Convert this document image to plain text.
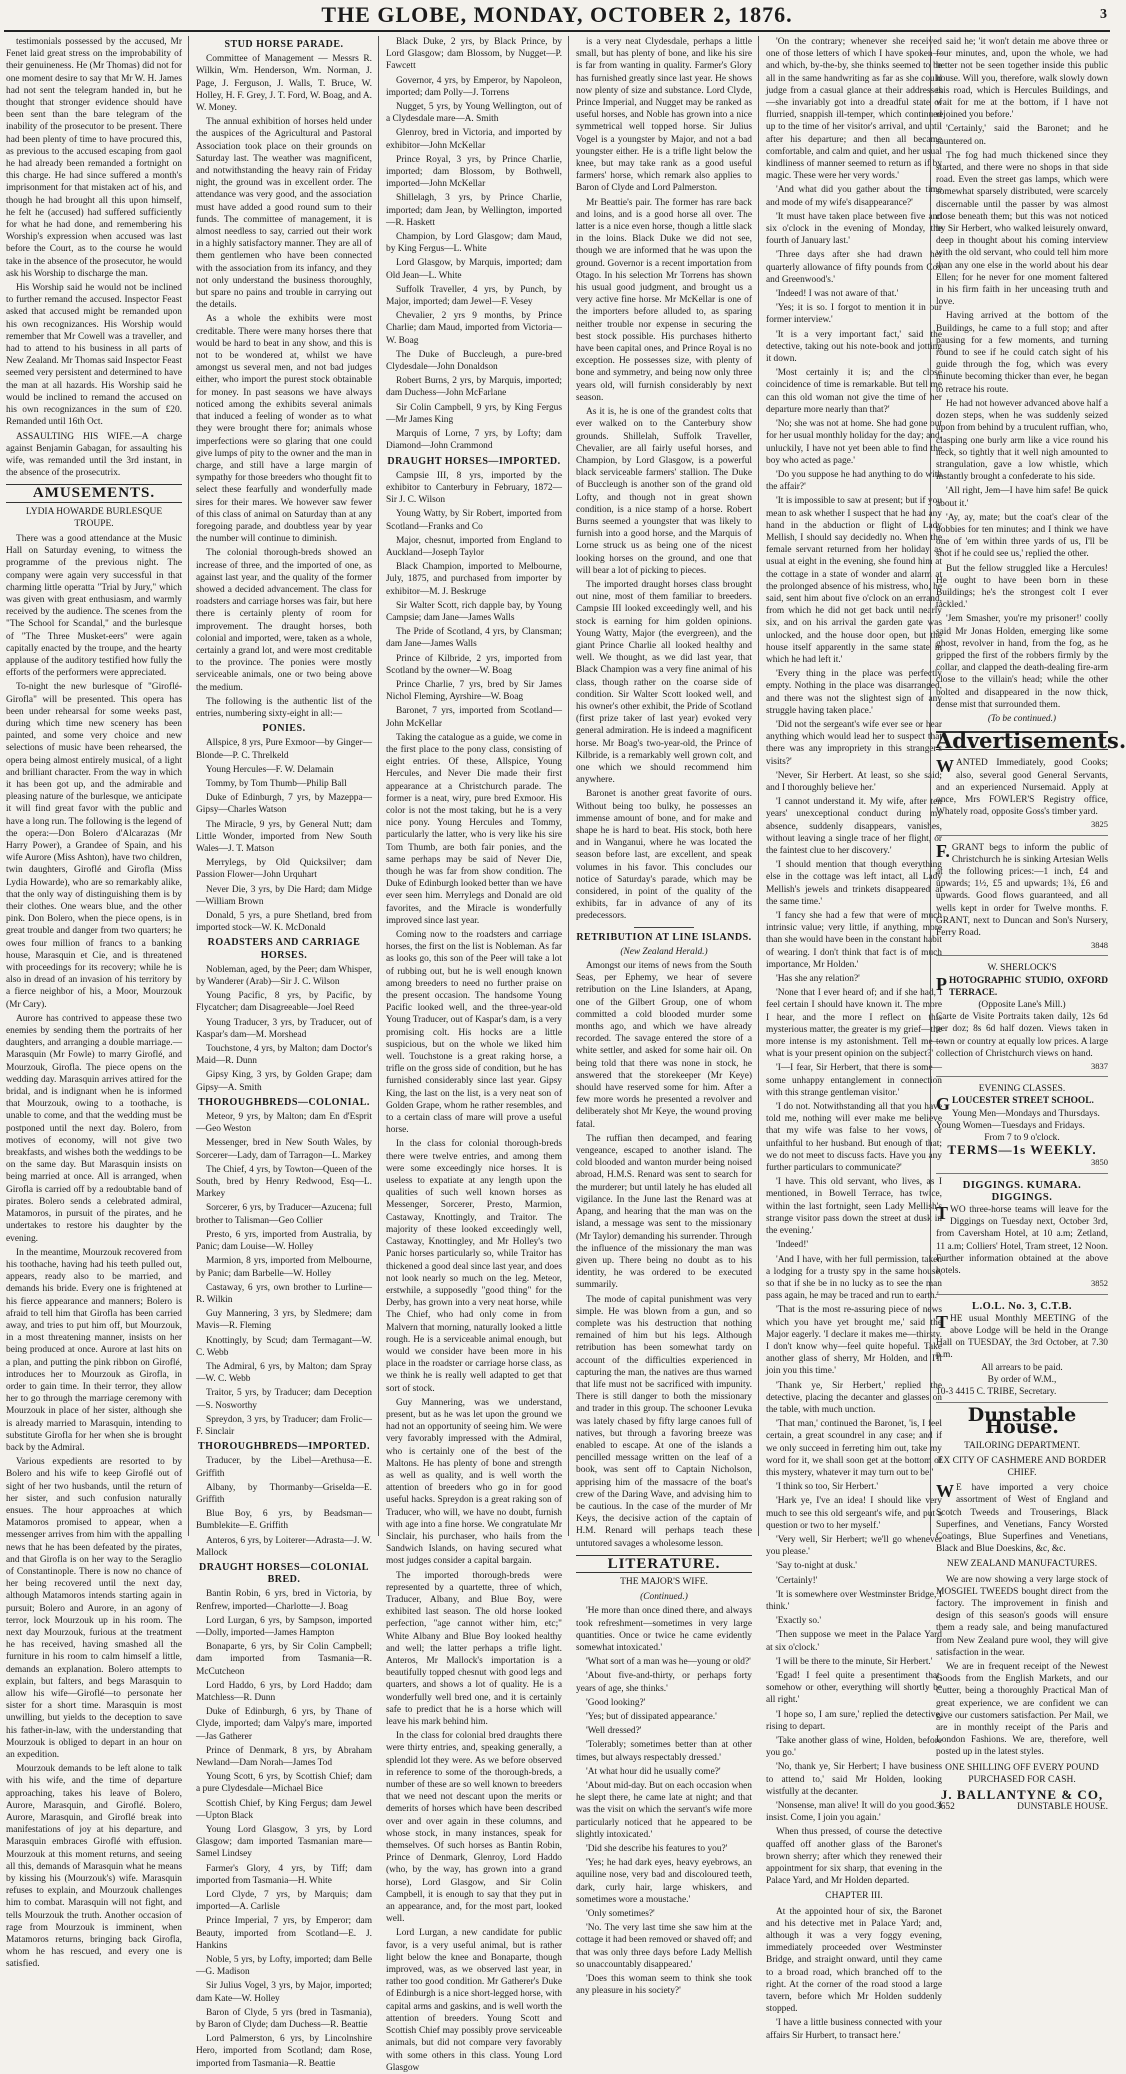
THE GLOBE, MONDAY, OCTOBER 2, 1876.	3

testimonials possessed by the accused, Mr Fenet laid great stress on the improbability of their genuineness. He (Mr Thomas) did not for one moment desire to say that Mr W. H. James had not sent the telegram handed in, but he thought that stronger evidence should have been sent than the bare telegram of the inability of the prosecutor to be present. There had been plenty of time to have procured this, as previous to the accused escaping from gaol he had already been remanded a fortnight on this charge. He had since suffered a month's imprisonment for that mistaken act of his, and though he had brought all this upon himself, he felt he (accused) had suffered sufficiently for what he had done, and remembering his Worship's expression when accused was last before the Court, as to the course he would take in the absence of the prosecutor, he would ask his Worship to discharge the man.

His Worship said he would not be inclined to further remand the accused. Inspector Feast asked that accused might be remanded upon his own recognizances. His Worship would remember that Mr Cowell was a traveller, and had to attend to his business in all parts of New Zealand. Mr Thomas said Inspector Feast seemed very persistent and determined to have the man at all hazards. His Worship said he would be inclined to remand the accused on his own recognizances in the sum of £20. Remanded until 16th Oct.

ASSAULTING HIS WIFE.—A charge against Benjamin Gabagan, for assaulting his wife, was remanded until the 3rd instant, in the absence of the prosecutrix.

AMUSEMENTS.
LYDIA HOWARDE BURLESQUE TROUPE.

There was a good attendance at the Music Hall on Saturday evening, to witness the programme of the previous night. The company were again very successful in that charming little operatta "Trial by Jury," which was given with great enthusiasm, and warmly received by the audience. The scenes from the "The School for Scandal," and the burlesque of "The Three Musket-eers" were again capitally enacted by the troupe, and the hearty applause of the auditory testified how fully the efforts of the performers were appreciated.

To-night the new burlesque of "Giroflé-Girofla" will be presented. This opera has been under rehearsal for some weeks past, during which time new scenery has been painted, and some very choice and new selections of music have been rehearsed, the opera being almost entirely musical, of a light and brilliant character. From the way in which it has been got up, and the admirable and pleasing nature of the burlesque, we anticipate it will find great favor with the public and have a long run. The following is the legend of the opera:—Don Bolero d'Alcarazas (Mr Harry Power), a Grandee of Spain, and his wife Aurore (Miss Ashton), have two children, twin daughters, Giroflé and Girofla (Miss Lydia Howarde), who are so remarkably alike, that the only way of distinguishing them is by their clothes. One wears blue, and the other pink. Don Bolero, when the piece opens, is in great trouble and danger from two quarters; he owes four million of francs to a banking house, Marasquin et Cie, and is threatened with proceedings for its recovery; while he is also in dread of an invasion of his territory by a fierce neighbor of his, a Moor, Mourzouk (Mr Cary).

Aurore has contrived to appease these two enemies by sending them the portraits of her daughters, and arranging a double marriage.—Marasquin (Mr Fowle) to marry Giroflé, and Mourzouk, Girofla. The piece opens on the wedding day. Marasquin arrives attired for the bridal, and is indignant when he is informed that Mourzouk, owing to a toothache, is unable to come, and that the wedding must be postponed until the next day. Bolero, from motives of economy, will not give two breakfasts, and wishes both the weddings to be on the same day. But Marasquin insists on being married at once. All is arranged, when Girofla is carried off by a redoubtable band of pirates. Bolero sends a celebrated admiral, Matamoros, in pursuit of the pirates, and he undertakes to restore his daughter by the evening.

In the meantime, Mourzouk recovered from his toothache, having had his teeth pulled out, appears, ready also to be married, and demands his bride. Every one is frightened at his fierce appearance and manners; Bolero is afraid to tell him that Girofla has been carried away, and tries to put him off, but Mourzouk, in a most threatening manner, insists on her being produced at once. Aurore at last hits on a plan, and putting the pink ribbon on Giroflé, introduces her to Mourzouk as Girofla, in order to gain time. In their terror, they allow her to go through the marriage ceremony with Mourzouk in place of her sister, although she is already married to Marasquin, intending to substitute Girofla for her when she is brought back by the Admiral.

Various expedients are resorted to by Bolero and his wife to keep Giroflé out of sight of her two husbands, until the return of her sister, and such confusion naturally ensues. The hour approaches at which Matamoros promised to appear, when a messenger arrives from him with the appalling news that he has been defeated by the pirates, and that Girofla is on her way to the Seraglio of Constantinople. There is now no chance of her being recovered until the next day, although Matamoros intends starting again in pursuit; Bolero and Aurore, in an agony of terror, lock Mourzouk up in his room. The next day Mourzouk, furious at the treatment he has received, having smashed all the furniture in his room to calm himself a little, demands an explanation. Bolero attempts to explain, but falters, and begs Marasquin to allow his wife—Giroflé—to personate her sister for a short time. Marasquin is most unwilling, but yields to the deception to save his father-in-law, with the understanding that Mourzouk is obliged to depart in an hour on an expedition.

Mourzouk demands to be left alone to talk with his wife, and the time of departure approaching, takes his leave of Bolero, Aurore, Marasquin, and Giroflé. Bolero, Aurore, Marasquin, and Giroflé break into manifestations of joy at his departure, and Marasquin embraces Giroflé with effusion. Mourzouk at this moment returns, and seeing all this, demands of Marasquin what he means by kissing his (Mourzouk's) wife. Marasquin refuses to explain, and Mourzouk challenges him to combat. Marasquin will not fight, and tells Mourzouk the truth. Another occasion of rage from Mourzouk is imminent, when Matamoros returns, bringing back Girofla, whom he has rescued, and every one is satisfied.

STUD HORSE PARADE.

Committee of Management — Messrs R. Wilkin, Wm. Henderson, Wm. Norman, J. Page, J. Ferguson, J. Walls, T. Bruce, W. Holley, H. F. Grey, J. T. Ford, W. Boag, and A. W. Money.

The annual exhibition of horses held under the auspices of the Agricultural and Pastoral Association took place on their grounds on Saturday last. The weather was magnificent, and notwithstanding the heavy rain of Friday night, the ground was in excellent order. The attendance was very good, and the association must have added a good round sum to their funds. The committee of management, it is almost needless to say, carried out their work in a highly satisfactory manner. They are all of them gentlemen who have been connected with the association from its infancy, and they not only understand the business thoroughly, but spare no pains and trouble in carrying out the details.

As a whole the exhibits were most creditable. There were many horses there that would be hard to beat in any show, and this is not to be wondered at, whilst we have amongst us several men, and not bad judges either, who import the purest stock obtainable for money. In past seasons we have always noticed among the exhibits several animals that induced a feeling of wonder as to what they were brought there for; animals whose imperfections were so glaring that one could give lumps of pity to the owner and the man in charge, and still have a large margin of sympathy for those breeders who thought fit to select these fearfully and wonderfully made sires for their mares. We however saw fewer of this class of animal on Saturday than at any foregoing parade, and doubtless year by year the number will continue to diminish.

The colonial thorough-breds showed an increase of three, and the imported of one, as against last year, and the quality of the former showed a decided advancement. The class for roadsters and carriage horses was fair, but here there is certainly plenty of room for improvement. The draught horses, both colonial and imported, were, taken as a whole, certainly a grand lot, and were most creditable to the province. The ponies were mostly serviceable animals, one or two being above the medium.

The following is the authentic list of the entries, numbering sixty-eight in all:—

PONIES.

Allspice, 8 yrs, Pure Exmoor—by Ginger—Blonde—P. C. Threlkeld

Young Hercules—F. W. Delamain

Tommy, by Tom Thumb—Philip Ball

Duke of Edinburgh, 7 yrs, by Mazeppa—Gipsy—Charles Watson

The Miracle, 9 yrs, by General Nutt; dam Little Wonder, imported from New South Wales—J. T. Matson

Merrylegs, by Old Quicksilver; dam Passion Flower—John Urquhart

Never Die, 3 yrs, by Die Hard; dam Midge—William Brown

Donald, 5 yrs, a pure Shetland, bred from imported stock—W. K. McDonald

ROADSTERS AND CARRIAGE HORSES.

Nobleman, aged, by the Peer; dam Whisper, by Wanderer (Arab)—Sir J. C. Wilson

Young Pacific, 8 yrs, by Pacific, by Flycatcher; dam Disagreeable—Joel Reed

Young Traducer, 3 yrs, by Traducer, out of Kaspar's dam—M. Morshead

Touchstone, 4 yrs, by Malton; dam Doctor's Maid—R. Dunn

Gipsy King, 3 yrs, by Golden Grape; dam Gipsy—A. Smith

THOROUGHBREDS—COLONIAL.

Meteor, 9 yrs, by Malton; dam En d'Esprit—Geo Weston

Messenger, bred in New South Wales, by Sorcerer—Lady, dam of Tarragon—L. Markey

The Chief, 4 yrs, by Towton—Queen of the South, bred by Henry Redwood, Esq—L. Markey

Sorcerer, 6 yrs, by Traducer—Azucena; full brother to Talisman—Geo Collier

Presto, 6 yrs, imported from Australia, by Panic; dam Louise—W. Holley

Marmion, 8 yrs, imported from Melbourne, by Panic; dam Barbelle—W. Holley

Castaway, 6 yrs, own brother to Lurline—R. Wilkin

Guy Mannering, 3 yrs, by Sledmere; dam Mavis—R. Fleming

Knottingly, by Scud; dam Termagant—W. C. Webb

The Admiral, 6 yrs, by Malton; dam Spray—W. C. Webb

Traitor, 5 yrs, by Traducer; dam Deception—S. Nosworthy

Spreydon, 3 yrs, by Traducer; dam Frolic—F. Sinclair

THOROUGHBREDS—IMPORTED.

Traducer, by the Libel—Arethusa—E. Griffith

Albany, by Thormanby—Griselda—E. Griffith

Blue Boy, 6 yrs, by Beadsman—Bumblekite—E. Griffith

Anteros, 6 yrs, by Loiterer—Adrasta—J. W. Mallock

DRAUGHT HORSES—COLONIAL BRED.

Bantin Robin, 6 yrs, bred in Victoria, by Renfrew, imported—Charlotte—J. Boag

Lord Lurgan, 6 yrs, by Sampson, imported—Dolly, imported—James Hampton

Bonaparte, 6 yrs, by Sir Colin Campbell; dam imported from Tasmania—R. McCutcheon

Lord Haddo, 6 yrs, by Lord Haddo; dam Matchless—R. Dunn

Duke of Edinburgh, 6 yrs, by Thane of Clyde, imported; dam Valpy's mare, imported—Jas Gatherer

Prince of Denmark, 8 yrs, by Abraham Newland—Dam Norah—James Tod

Young Scott, 6 yrs, by Scottish Chief; dam a pure Clydesdale—Michael Bice

Scottish Chief, by King Fergus; dam Jewel—Upton Black

Young Lord Glasgow, 3 yrs, by Lord Glasgow; dam imported Tasmanian mare—Samel Lindsey

Farmer's Glory, 4 yrs, by Tiff; dam imported from Tasmania—H. White

Lord Clyde, 7 yrs, by Marquis; dam imported—A. Carlisle

Prince Imperial, 7 yrs, by Emperor; dam Beauty, imported from Scotland—E. J. Hankins

Noble, 5 yrs, by Lofty, imported; dam Belle—G. Madison

Sir Julius Vogel, 3 yrs, by Major, imported; dam Kate—W. Holley

Baron of Clyde, 5 yrs (bred in Tasmania), by Baron of Clyde; dam Duchess—R. Beattie

Lord Palmerston, 6 yrs, by Lincolnshire Hero, imported from Scotland; dam Rose, imported from Tasmania—R. Beattie

Black Duke, 2 yrs, by Black Prince, by Lord Glasgow; dam Blossom, by Nugget—P. Fawcett

Governor, 4 yrs, by Emperor, by Napoleon, imported; dam Polly—J. Torrens

Nugget, 5 yrs, by Young Wellington, out of a Clydesdale mare—A. Smith

Glenroy, bred in Victoria, and imported by exhibitor—John McKellar

Prince Royal, 3 yrs, by Prince Charlie, imported; dam Blossom, by Bothwell, imported—John McKellar

Shillelagh, 3 yrs, by Prince Charlie, imported; dam Jean, by Wellington, imported—R. Haskett

Champion, by Lord Glasgow; dam Maud, by King Fergus—L. White

Lord Glasgow, by Marquis, imported; dam Old Jean—L. White

Suffolk Traveller, 4 yrs, by Punch, by Major, imported; dam Jewel—F. Vesey

Chevalier, 2 yrs 9 months, by Prince Charlie; dam Maud, imported from Victoria—W. Boag

The Duke of Buccleugh, a pure-bred Clydesdale—John Donaldson

Robert Burns, 2 yrs, by Marquis, imported; dam Duchess—John McFarlane

Sir Colin Campbell, 9 yrs, by King Fergus—Mr James King

Marquis of Lorne, 7 yrs, by Lofty; dam Diamond—John Crammond

DRAUGHT HORSES—IMPORTED.

Campsie III, 8 yrs, imported by the exhibitor to Canterbury in February, 1872—Sir J. C. Wilson

Young Watty, by Sir Robert, imported from Scotland—Franks and Co

Major, chesnut, imported from England to Auckland—Joseph Taylor

Black Champion, imported to Melbourne, July, 1875, and purchased from importer by exhibitor—M. J. Beskruge

Sir Walter Scott, rich dapple bay, by Young Campsie; dam Jane—James Walls

The Pride of Scotland, 4 yrs, by Clansman; dam Jane—James Walls

Prince of Kilbride, 2 yrs, imported from Scotland by the owner—W. Boag

Prince Charlie, 7 yrs, bred by Sir James Nichol Fleming, Ayrshire—W. Boag

Baronet, 7 yrs, imported from Scotland—John McKellar

Taking the catalogue as a guide, we come in the first place to the pony class, consisting of eight entries. Of these, Allspice, Young Hercules, and Never Die made their first appearance at a Christchurch parade. The former is a neat, wiry, pure bred Exmoor. His color is not the most taking, but he is a very nice pony. Young Hercules and Tommy, particularly the latter, who is very like his sire Tom Thumb, are both fair ponies, and the same perhaps may be said of Never Die, though he was far from show condition. The Duke of Edinburgh looked better than we have ever seen him. Merrylegs and Donald are old favorites, and the Miracle is wonderfully improved since last year.

Coming now to the roadsters and carriage horses, the first on the list is Nobleman. As far as looks go, this son of the Peer will take a lot of rubbing out, but he is well enough known among breeders to need no further praise on the present occasion. The handsome Young Pacific looked well, and the three-year-old Young Traducer, out of Kaspar's dam, is a very promising colt. His hocks are a little suspicious, but on the whole we liked him well. Touchstone is a great raking horse, a trifle on the gross side of condition, but he has furnished considerably since last year. Gipsy King, the last on the list, is a very neat son of Golden Grape, whom he rather resembles, and to a certain class of mare will prove a useful horse.

In the class for colonial thorough-breds there were twelve entries, and among them were some exceedingly nice horses. It is useless to expatiate at any length upon the qualities of such well known horses as Messenger, Sorcerer, Presto, Marmion, Castaway, Knottingly, and Traitor. The majority of these looked exceedingly well, Castaway, Knottingley, and Mr Holley's two Panic horses particularly so, while Traitor has thickened a good deal since last year, and does not look nearly so much on the leg. Meteor, erstwhile, a supposedly "good thing" for the Derby, has grown into a very neat horse, while The Chief, who had only come in from Malvern that morning, naturally looked a little rough. He is a serviceable animal enough, but would we consider have been more in his place in the roadster or carriage horse class, as we think he is really well adapted to get that sort of stock.

Guy Mannering, was we understand, present, but as he was let upon the ground we had not an opportunity of seeing him. We were very favorably impressed with the Admiral, who is certainly one of the best of the Maltons. He has plenty of bone and strength as well as quality, and is well worth the attention of breeders who go in for good useful hacks. Spreydon is a great raking son of Traducer, who will, we have no doubt, furnish with age into a fine horse. We congratulate Mr Sinclair, his purchaser, who hails from the Sandwich Islands, on having secured what most judges consider a capital bargain.

The imported thorough-breds were represented by a quartette, three of which, Traducer, Albany, and Blue Boy, were exhibited last season. The old horse looked perfection, "age cannot wither him, etc;" White Albany and Blue Boy looked healthy and well; the latter perhaps a trifle light. Anteros, Mr Mallock's importation is a beautifully topped chesnut with good legs and quarters, and shows a lot of quality. He is a wonderfully well bred one, and it is certainly safe to predict that he is a horse which will leave his mark behind him.

In the class for colonial bred draughts there were thirty entries, and, speaking generally, a splendid lot they were. As we before observed in reference to some of the thorough-breds, a number of these are so well known to breeders that we need not descant upon the merits or demerits of horses which have been described over and over again in these columns, and whose stock, in many instances, speak for themselves. Of such horses as Bantin Robin, Prince of Denmark, Glenroy, Lord Haddo (who, by the way, has grown into a grand horse), Lord Glasgow, and Sir Colin Campbell, it is enough to say that they put in an appearance, and, for the most part, looked well.

Lord Lurgan, a new candidate for public favor, is a very useful animal, but is rather light below the knee and Bonaparte, though improved, was, as we observed last year, in rather too good condition. Mr Gatherer's Duke of Edinburgh is a nice short-legged horse, with capital arms and gaskins, and is well worth the attention of breeders. Young Scott and Scottish Chief may possibly prove serviceable animals, but did not compare very favorably with some others in this class. Young Lord Glasgow

is a very neat Clydesdale, perhaps a little small, but has plenty of bone, and like his sire is far from wanting in quality. Farmer's Glory has furnished greatly since last year. He shows now plenty of size and substance. Lord Clyde, Prince Imperial, and Nugget may be ranked as useful horses, and Noble has grown into a nice symmetrical well topped horse. Sir Julius Vogel is a youngster by Major, and not a bad youngster either. He is a trifle light below the knee, but may take rank as a good useful farmers' horse, which remark also applies to Baron of Clyde and Lord Palmerston.

Mr Beattie's pair. The former has rare back and loins, and is a good horse all over. The latter is a nice even horse, though a little slack in the loins. Black Duke we did not see, though we are informed that he was upon the ground. Governor is a recent importation from Otago. In his selection Mr Torrens has shown his usual good judgment, and brought us a very active fine horse. Mr McKellar is one of the importers before alluded to, as sparing neither trouble nor expense in securing the best stock possible. His purchases hitherto have been capital ones, and Prince Royal is no exception. He possesses size, with plenty of bone and symmetry, and being now only three years old, will furnish considerably by next season.

As it is, he is one of the grandest colts that ever walked on to the Canterbury show grounds. Shillelah, Suffolk Traveller, Chevalier, are all fairly useful horses, and Champion, by Lord Glasgow, is a powerful black serviceable farmers' stallion. The Duke of Buccleugh is another son of the grand old Lofty, and though not in great shown condition, is a nice stamp of a horse. Robert Burns seemed a youngster that was likely to furnish into a good horse, and the Marquis of Lorne struck us as being one of the nicest looking horses on the ground, and one that will bear a lot of picking to pieces.

The imported draught horses class brought out nine, most of them familiar to breeders. Campsie III looked exceedingly well, and his stock is earning for him golden opinions. Young Watty, Major (the evergreen), and the giant Prince Charlie all looked healthy and well. We thought, as we did last year, that Black Champion was a very fine animal of his class, though rather on the coarse side of condition. Sir Walter Scott looked well, and his owner's other exhibit, the Pride of Scotland (first prize taker of last year) evoked very general admiration. He is indeed a magnificent horse. Mr Boag's two-year-old, the Prince of Kilbride, is a remarkably well grown colt, and one which we should recommend him anywhere.

Baronet is another great favorite of ours. Without being too bulky, he possesses an immense amount of bone, and for make and shape he is hard to beat. His stock, both here and in Wanganui, where he was located the season before last, are excellent, and speak volumes in his favor. This concludes our notice of Saturday's parade, which may be considered, in point of the quality of the exhibits, far in advance of any of its predecessors.

RETRIBUTION AT LINE ISLANDS.
(New Zealand Herald.)

Amongst our items of news from the South Seas, per Ephemy, we hear of severe retribution on the Line Islanders, at Apang, one of the Gilbert Group, one of whom committed a cold blooded murder some months ago, and which we have already recorded. The savage entered the store of a white settler, and asked for some hair oil. On being told that there was none in stock, he answered that the storekeeper (Mr Keye) should have reserved some for him. After a few more words he presented a revolver and deliberately shot Mr Keye, the wound proving fatal.

The ruffian then decamped, and fearing vengeance, escaped to another island. The cold blooded and wanton murder being noised abroad, H.M.S. Renard was sent to search for the murderer; but until lately he has eluded all vigilance. In the June last the Renard was at Apang, and hearing that the man was on the island, a message was sent to the missionary (Mr Taylor) demanding his surrender. Through the influence of the missionary the man was given up. There being no doubt as to his identity, he was ordered to be executed summarily.

The mode of capital punishment was very simple. He was blown from a gun, and so complete was his destruction that nothing remained of him but his legs. Although retribution has been somewhat tardy on account of the difficulties experienced in capturing the man, the natives are thus warned that life must not be sacrificed with impunity. There is still danger to both the missionary and trader in this group. The schooner Levuka was lately chased by fifty large canoes full of natives, but through a favoring breeze was enabled to escape. At one of the islands a pencilled message written on the leaf of a book, was sent off to Captain Nicholson, apprising him of the massacre of the boat's crew of the Daring Wave, and advising him to be cautious. In the case of the murder of Mr Keys, the decisive action of the captain of H.M. Renard will perhaps teach these untutored savages a wholesome lesson.

LITERATURE.
THE MAJOR'S WIFE.
(Continued.)

'He more than once dined there, and always took refreshment—sometimes in very large quantities. Once or twice he came evidently somewhat intoxicated.'

'What sort of a man was he—young or old?'

'About five-and-thirty, or perhaps forty years of age, she thinks.'

'Good looking?'

'Yes; but of dissipated appearance.'

'Well dressed?'

'Tolerably; sometimes better than at other times, but always respectably dressed.'

'At what hour did he usually come?'

'About mid-day. But on each occasion when he slept there, he came late at night; and that was the visit on which the servant's wife more particularly noticed that he appeared to be slightly intoxicated.'

'Did she describe his features to you?'

'Yes; he had dark eyes, heavy eyebrows, an aquiline nose, very bad and discoloured teeth, dark, curly hair, large whiskers, and sometimes wore a moustache.'

'Only sometimes?'

'No. The very last time she saw him at the cottage it had been removed or shaved off; and that was only three days before Lady Mellish so unaccountably disappeared.'

'Does this woman seem to think she took any pleasure in his society?'

'On the contrary; whenever she received one of those letters of which I have spoken—and which, by-the-by, she thinks seemed to be all in the same handwriting as far as she could judge from a casual glance at their addresses—she invariably got into a dreadful state of flurried, snappish ill-temper, which continued up to the time of her visitor's arrival, and until after his departure; and then all became comfortable, and calm and quiet, and her usual kindliness of manner seemed to return as if by magic. These were her very words.'

'And what did you gather about the time and mode of my wife's disappearance?'

'It must have taken place between five and six o'clock in the evening of Monday, the fourth of January last.'

'Three days after she had drawn her quarterly allowance of fifty pounds from Cox and Greenwood's.'

'Indeed! I was not aware of that.'

'Yes; it is so. I forgot to mention it in our former interview.'

'It is a very important fact,' said the detective, taking out his note-book and jotting it down.

'Most certainly it is; and the close coincidence of time is remarkable. But tell me can this old woman not give the time of her departure more nearly than that?'

'No; she was not at home. She had gone out for her usual monthly holiday for the day; and, unluckily, I have not yet been able to find the boy who acted as page.'

'Do you suppose he had anything to do with the affair?'

'It is impossible to saw at present; but if you mean to ask whether I suspect that he had any hand in the abduction or flight of Lady Mellish, I should say decidedly no. When the female servant returned from her holiday as usual at eight in the evening, she found him at the cottage in a state of wonder and alarm at the prolonged absence of his mistress, who, he said, sent him about five o'clock on an errand, from which he did not get back until nearly six, and on his arrival the garden gate was unlocked, and the house door open, but the house itself apparently in the same state in which he had left it.'

'Every thing in the place was perfectly empty. Nothing in the place was disarranged, and there was not the slightest sign of any struggle having taken place.'

'Did not the sergeant's wife ever see or hear anything which would lead her to suspect that there was any impropriety in this stranger's visits?'

'Never, Sir Herbert. At least, so she said; and I thoroughly believe her.'

'I cannot understand it. My wife, after ten years' unexceptional conduct during my absence, suddenly disappears, vanishes, without leaving a single trace of her flight, or the faintest clue to her discovery.'

'I should mention that though everything else in the cottage was left intact, all Lady Mellish's jewels and trinkets disappeared at the same time.'

'I fancy she had a few that were of much intrinsic value; very little, if anything, more than she would have been in the constant habit of wearing. I don't think that fact is of much importance, Mr Holden.'

'Has she any relation?'

'None that I ever heard of; and if she had, I feel certain I should have known it. The more I hear, and the more I reflect on this mysterious matter, the greater is my grief—the more intense is my astonishment. Tell me—what is your present opinion on the subject?'

'I—I fear, Sir Herbert, that there is some—some unhappy entanglement in connection with this strange gentleman visitor.'

'I do not. Notwithstanding all that you have told me, nothing will ever make me believe that my wife was false to her vows, or unfaithful to her husband. But enough of that; we do not meet to discuss facts. Have you any further particulars to communicate?'

'I have. This old servant, who lives, as I mentioned, in Bowell Terrace, has twice, within the last fortnight, seen Lady Mellish's strange visitor pass down the street at dusk in the evening.'

'Indeed!'

'And I have, with her full permission, taken a lodging for a trusty spy in the same house, so that if she be in no lucky as to see the man pass again, he may be traced and run to earth.'

'That is the most re-assuring piece of news which you have yet brought me,' said the Major eagerly. 'I declare it makes me—thirsty. I don't know why—feel quite hopeful. Take another glass of sherry, Mr Holden, and I'll join you this time.'

'Thank ye, Sir Herbert,' replied the detective, placing the decanter and glasses on the table, with much unction.

'That man,' continued the Baronet, 'is, I feel certain, a great scoundrel in any case; and if we only succeed in ferreting him out, take my word for it, we shall soon get at the bottom of this mystery, whatever it may turn out to be.'

'I think so too, Sir Herbert.'

'Hark ye, I've an idea! I should like very much to see this old sergeant's wife, and put a question or two to her myself.'

'Very well, Sir Herbert; we'll go whenever you please.'

'Say to-night at dusk.'

'Certainly!'

'It is somewhere over Westminster Bridge, I think.'

'Exactly so.'

'Then suppose we meet in the Palace Yard at six o'clock.'

'I will be there to the minute, Sir Herbert.'

'Egad! I feel quite a presentiment that, somehow or other, everything will shortly be all right.'

'I hope so, I am sure,' replied the detective, rising to depart.

'Take another glass of wine, Holden, before you go.'

'No, thank ye, Sir Herbert; I have business to attend to,' said Mr Holden, looking wistfully at the decanter.

'Nonsense, man alive! It will do you good. I insist. Come, I join you again.'

When thus pressed, of course the detective quaffed off another glass of the Baronet's brown sherry; after which they renewed their appointment for six sharp, that evening in the Palace Yard, and Mr Holden departed.

CHAPTER III.

At the appointed hour of six, the Baronet and his detective met in Palace Yard; and, although it was a very foggy evening, immediately proceeded over Westminster Bridge, and straight onward, until they came to a broad road, which branched off to the right. At the corner of the road stood a large tavern, before which Mr Holden suddenly stopped.

'I have a little business connected with your affairs Sir Hurbert, to transact here.'

said he; 'it won't detain me above three or four minutes, and, upon the whole, we had better not be seen together inside this public house. Will you, therefore, walk slowly down this road, which is Hercules Buildings, and wait for me at the bottom, if I have not rejoined you before.'

'Certainly,' said the Baronet; and he sauntered on.

The fog had much thickened since they started, and there were no shops in that side road. Even the street gas lamps, which were somewhat sparsely distributed, were scarcely discernable until the passer by was almost close beneath them; but this was not noticed by Sir Herbert, who walked leisurely onward, deep in thought about his coming interview with the old servant, who could tell him more than any one else in the world about his dear Ellen; for he never for one moment faltered in his firm faith in her unceasing truth and love.

Having arrived at the bottom of the Buildings, he came to a full stop; and after pausing for a few moments, and turning round to see if he could catch sight of his guide through the fog, which was every minute becoming thicker than ever, he began to retrace his route.

He had not however advanced above half a dozen steps, when he was suddenly seized upon from behind by a truculent ruffian, who, clasping one burly arm like a vice round his neck, so tightly that it well nigh amounted to strangulation, gave a low whistle, which instantly brought a confederate to his side.

'All right, Jem—I have him safe! Be quick about it.'

'Ay, ay, mate; but the coat's clear of the bobbies for ten minutes; and I think we have one of 'em within three yards of us, I'll be shot if he could see us,' replied the other.

But the fellow struggled like a Hercules! He ought to have been born in these Buildings; he's the strongest colt I ever tackled.'

'Jem Smasher, you're my prisoner!' coolly said Mr Jonas Holden, emerging like some ghost, revolver in hand, from the fog, as he gripped the first of the robbers firmly by the collar, and clapped the death-dealing fire-arm close to the villain's head; while the other bolted and disappeared in the now thick, dense mist that surrounded them.

(To be continued.)
Advertisements.
W ANTED Immediately, good Cooks; also, several good General Servants, and an experienced Nursemaid. Apply at once, Mrs FOWLER'S Registry office, Whately road, opposite Goss's timber yard.
3825
F. GRANT begs to inform the public of Christchurch he is sinking Artesian Wells at the following prices:—1 inch, £4 and upwards; 1½, £5 and upwards; 1¾, £6 and upwards. Good flows guaranteed, and all wells kept in order for Twelve months. F. GRANT, next to Duncan and Son's Nursery, Ferry Road.
3848
W. SHERLOCK'S
P HOTOGRAPHIC STUDIO, OXFORD TERRACE.
(Opposite Lane's Mill.)
Carte de Visite Portraits taken daily, 12s 6d per doz; 8s 6d half dozen. Views taken in town or country at equally low prices. A large collection of Christchurch views on hand.
3837
EVENING CLASSES.
G LOUCESTER STREET SCHOOL.
Young Men—Mondays and Thursdays.
Young Women—Tuesdays and Fridays.
From 7 to 9 o'clock.
TERMS—1s WEEKLY.
3850
DIGGINGS. KUMARA. DIGGINGS.
T WO three-horse teams will leave for the Diggings on Tuesday next, October 3rd, from Caversham Hotel, at 10 a.m; Zetland, 11 a.m; Colliers' Hotel, Tram street, 12 Noon. Further information obtained at the above hotels.
3852
L.O.L. No. 3, C.T.B.
T HE usual Monthly MEETING of the above Lodge will be held in the Orange Hall on TUESDAY, the 3rd October, at 7.30 p.m.
All arrears to be paid.
By order of W.M.,
10-3 4415 C. TRIBE, Secretary.
Dunstable House.
TAILORING DEPARTMENT.
EX CITY OF CASHMERE AND BORDER CHIEF.
W E have imported a very choice assortment of West of England and Scotch Tweeds and Trouserings, Black Superfines, and Venetians, Fancy Worsted Coatings, Blue Superfines and Venetians, Black and Blue Doeskins, &c, &c.
NEW ZEALAND MANUFACTURES.

We are now showing a very large stock of MOSGIEL TWEEDS bought direct from the factory. The improvement in finish and design of this season's goods will ensure them a ready sale, and being manufactured from New Zealand pure wool, they will give satisfaction in the wear.

We are in frequent receipt of the Newest Goods from the English Markets, and our Cutter, being a thoroughly Practical Man of great experience, we are confident we can give our customers satisfaction. Per Mail, we are in monthly receipt of the Paris and London Fashions. We are, therefore, well posted up in the latest styles.

ONE SHILLING OFF EVERY POUND PURCHASED FOR CASH.
J. BALLANTYNE & CO,
3652	DUNSTABLE HOUSE.
